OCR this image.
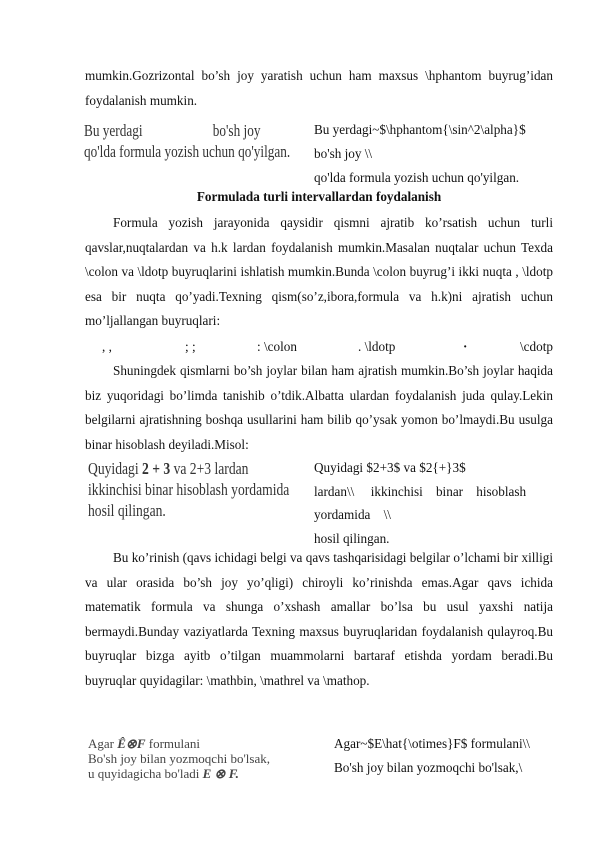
mumkin.Gozrizontal bo’sh joy yaratish uchun ham maxsus \hphantom buyrug’idan foydalanish mumkin.
Bu yerdagi	bo'sh joy
qo'lda formula yozish uchun qo'yilgan.
Bu yerdagi~$\hphantom{\sin^2\alpha}$
bo'sh joy \\
qo'lda formula yozish uchun qo'yilgan.
Formulada turli intervallardan foydalanish
Formula yozish jarayonida qaysidir qismni ajratib ko’rsatish uchun turli qavslar,nuqtalardan va h.k lardan foydalanish mumkin.Masalan nuqtalar uchun Texda \colon va \ldotp buyruqlarini ishlatish mumkin.Bunda \colon buyrug’i ikki nuqta , \ldotp esa bir nuqta qo’yadi.Texning qism(so’z,ibora,formula va h.k)ni ajratish uchun mo’ljallangan buyruqlari:
, ,	; ;	: \colon	. \ldotp	·	\cdotp
Shuningdek qismlarni bo’sh joylar bilan ham ajratish mumkin.Bo’sh joylar haqida biz yuqoridagi bo’limda tanishib o’tdik.Albatta ulardan foydalanish juda qulay.Lekin belgilarni ajratishning boshqa usullarini ham bilib qo’ysak yomon bo’lmaydi.Bu usulga binar hisoblash deyiladi.Misol:
Quyidagi 2 + 3 va 2+3 lardan
ikkinchisi binar hisoblash yordamida
hosil qilingan.
Quyidagi $2+3$ va $2{+}3$
lardan\\     ikkinchisi    binar    hisoblash
yordamida    \\
hosil qilingan.
Bu ko’rinish (qavs ichidagi belgi va qavs tashqarisidagi belgilar o’lchami bir xilligi va ular orasida bo’sh joy yo’qligi) chiroyli ko’rinishda emas.Agar qavs ichida matematik formula va shunga o’xshash amallar bo’lsa bu usul yaxshi natija bermaydi.Bunday vaziyatlarda Texning maxsus buyruqlaridan foydalanish qulayroq.Bu buyruqlar bizga ayitb o’tilgan muammolarni bartaraf etishda yordam beradi.Bu buyruqlar quyidagilar: \mathbin, \mathrel va \mathop.
Agar Ê⊗F formulani
Bo'sh joy bilan yozmoqchi bo'lsak,
u quyidagicha bo'ladi E ⊗ F.
Agar~$E\hat{\otimes}F$ formulani\\
Bo'sh joy bilan yozmoqchi bo'lsak,\
